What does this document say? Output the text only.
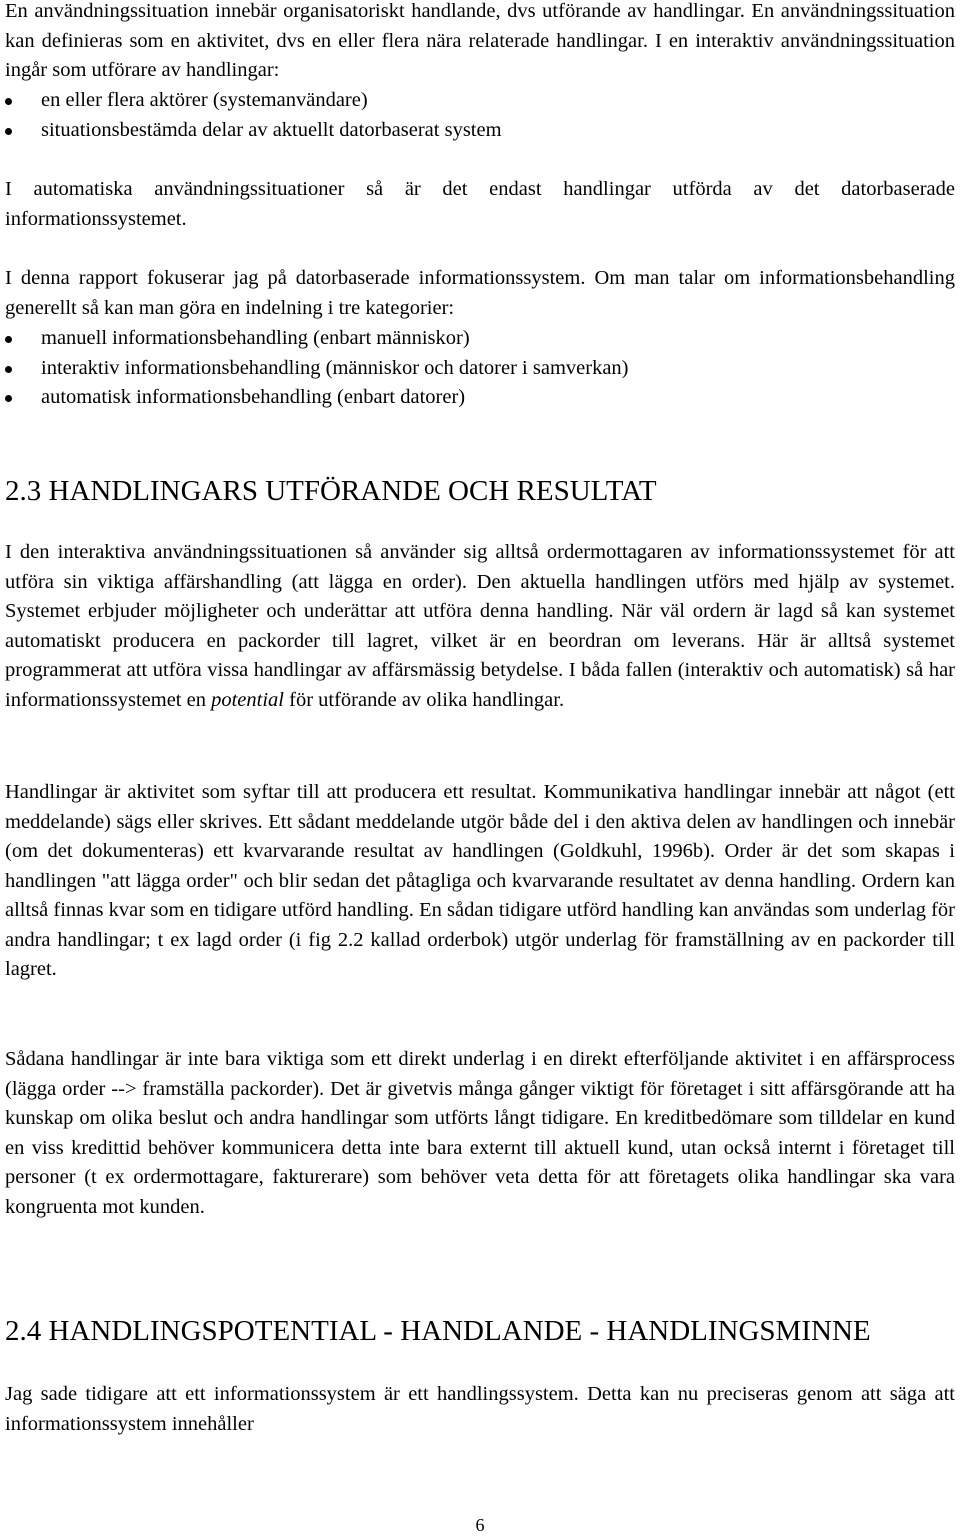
En användningssituation innebär organisatoriskt handlande, dvs utförande av handlingar. En användningssituation kan definieras som en aktivitet, dvs en eller flera nära relaterade handlingar. I en interaktiv användningssituation ingår som utförare av handlingar:

en eller flera aktörer (systemanvändare)
situationsbestämda delar av aktuellt datorbaserat system

I automatiska användningssituationer så är det endast handlingar utförda av det datorbaserade informationssystemet.

I denna rapport fokuserar jag på datorbaserade informationssystem. Om man talar om informationsbehandling generellt så kan man göra en indelning i tre kategorier:

manuell informationsbehandling (enbart människor)
interaktiv informationsbehandling (människor och datorer i samverkan)
automatisk informationsbehandling (enbart datorer)
2.3 HANDLINGARS UTFÖRANDE OCH RESULTAT

I den interaktiva användningssituationen så använder sig alltså ordermottagaren av informationssystemet för att utföra sin viktiga affärshandling (att lägga en order). Den aktuella handlingen utförs med hjälp av systemet. Systemet erbjuder möjligheter och underättar att utföra denna handling. När väl ordern är lagd så kan systemet automatiskt producera en packorder till lagret, vilket är en beordran om leverans. Här är alltså systemet programmerat att utföra vissa handlingar av affärsmässig betydelse. I båda fallen (interaktiv och automatisk) så har informationssystemet en potential för utförande av olika handlingar.

Handlingar är aktivitet som syftar till att producera ett resultat. Kommunikativa handlingar innebär att något (ett meddelande) sägs eller skrives. Ett sådant meddelande utgör både del i den aktiva delen av handlingen och innebär (om det dokumenteras) ett kvarvarande resultat av handlingen (Goldkuhl, 1996b). Order är det som skapas i handlingen "att lägga order" och blir sedan det påtagliga och kvarvarande resultatet av denna handling. Ordern kan alltså finnas kvar som en tidigare utförd handling. En sådan tidigare utförd handling kan användas som underlag för andra handlingar; t ex lagd order (i fig 2.2 kallad orderbok) utgör underlag för framställning av en packorder till lagret.

Sådana handlingar är inte bara viktiga som ett direkt underlag i en direkt efterföljande aktivitet i en affärsprocess (lägga order --> framställa packorder). Det är givetvis många gånger viktigt för företaget i sitt affärsgörande att ha kunskap om olika beslut och andra handlingar som utförts långt tidigare. En kreditbedömare som tilldelar en kund en viss kredittid behöver kommunicera detta inte bara externt till aktuell kund, utan också internt i företaget till personer (t ex ordermottagare, fakturerare) som behöver veta detta för att företagets olika handlingar ska vara kongruenta mot kunden.

2.4 HANDLINGSPOTENTIAL - HANDLANDE - HANDLINGSMINNE

Jag sade tidigare att ett informationssystem är ett handlingssystem. Detta kan nu preciseras genom att säga att informationssystem innehåller

6
